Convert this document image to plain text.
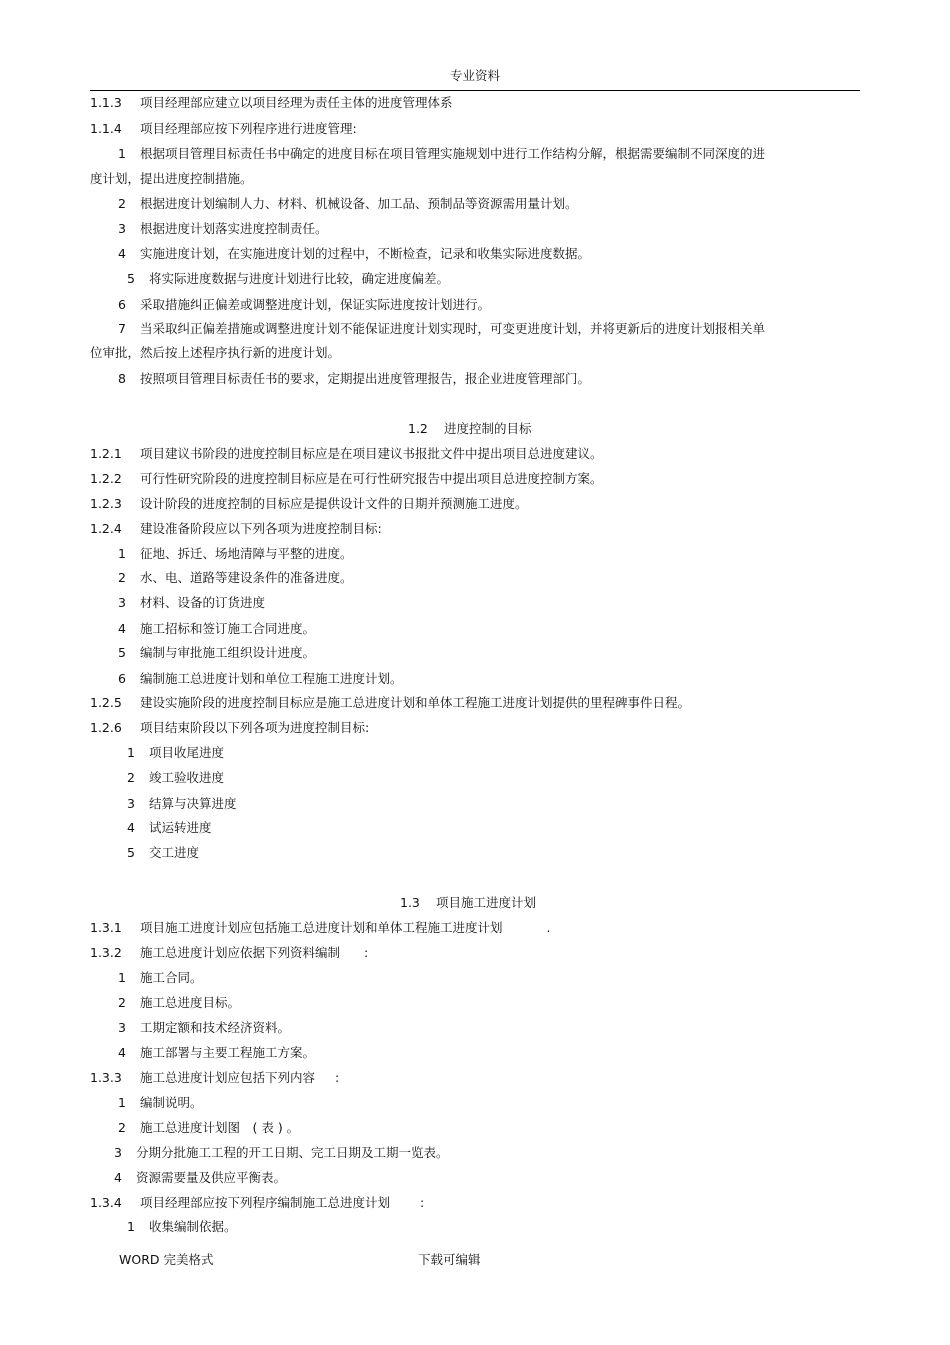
专业资料
1.1.3 项目经理部应建立以项目经理为责任主体的进度管理体系
1.1.4 项目经理部应按下列程序进行进度管理:
1 根据项目管理目标责任书中确定的进度目标在项目管理实施规划中进行工作结构分解，根据需要编制不同深度的进
度计划，提出进度控制措施。
2 根据进度计划编制人力、材料、机械设备、加工品、预制品等资源需用量计划。
3 根据进度计划落实进度控制责任。
4 实施进度计划，在实施进度计划的过程中，不断检查，记录和收集实际进度数据。
5 将实际进度数据与进度计划进行比较，确定进度偏差。
6 采取措施纠正偏差或调整进度计划，保证实际进度按计划进行。
7 当采取纠正偏差措施或调整进度计划不能保证进度计划实现时，可变更进度计划，并将更新后的进度计划报相关单
位审批，然后按上述程序执行新的进度计划。
8 按照项目管理目标责任书的要求，定期提出进度管理报告，报企业进度管理部门。
1.2 进度控制的目标
1.2.1 项目建议书阶段的进度控制目标应是在项目建议书报批文件中提出项目总进度建议。
1.2.2 可行性研究阶段的进度控制目标应是在可行性研究报告中提出项目总进度控制方案。
1.2.3 设计阶段的进度控制的目标应是提供设计文件的日期并预测施工进度。
1.2.4 建设准备阶段应以下列各项为进度控制目标:
1 征地、拆迁、场地清障与平整的进度。
2 水、电、道路等建设条件的准备进度。
3 材料、设备的订货进度
4 施工招标和签订施工合同进度。
5 编制与审批施工组织设计进度。
6 编制施工总进度计划和单位工程施工进度计划。
1.2.5 建设实施阶段的进度控制目标应是施工总进度计划和单体工程施工进度计划提供的里程碑事件日程。
1.2.6 项目结束阶段以下列各项为进度控制目标:
1 项目收尾进度
2 竣工验收进度
3 结算与决算进度
4 试运转进度
5 交工进度
1.3 项目施工进度计划
1.3.1 项目施工进度计划应包括施工总进度计划和单体工程施工进度计划	.
1.3.2 施工总进度计划应依据下列资料编制 :
1 施工合同。
2 施工总进度目标。
3 工期定额和技术经济资料。
4 施工部署与主要工程施工方案。
1.3.3 施工总进度计划应包括下列内容 :
1 编制说明。
2 施工总进度计划图　( 表 ) 。
3 分期分批施工工程的开工日期、完工日期及工期一览表。
4 资源需要量及供应平衡表。
1.3.4 项目经理部应按下列程序编制施工总进度计划 :
1 收集编制依据。
WORD 完美格式	下载可编辑
